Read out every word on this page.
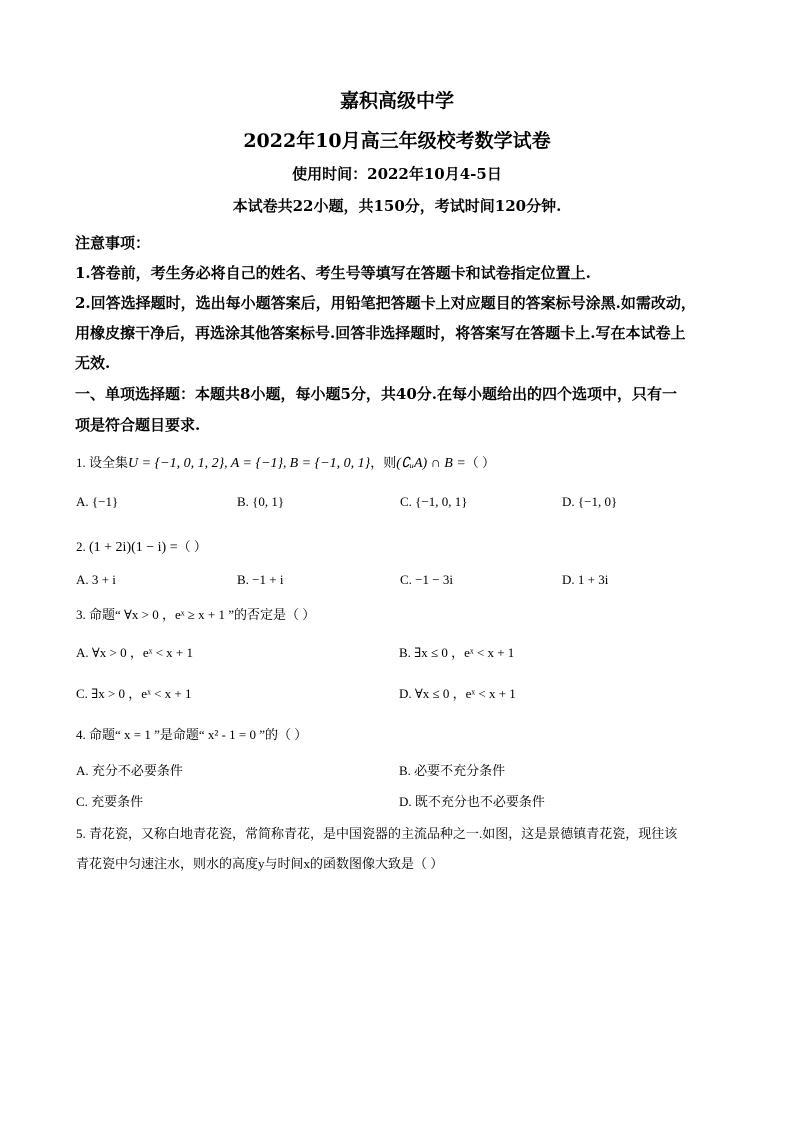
嘉积高级中学
2022年10月高三年级校考数学试卷
使用时间：2022年10月4-5日
本试卷共22小题，共150分，考试时间120分钟.
注意事项：
1.答卷前，考生务必将自己的姓名、考生号等填写在答题卡和试卷指定位置上.
2.回答选择题时，选出每小题答案后，用铅笔把答题卡上对应题目的答案标号涂黑.如需改动，
用橡皮擦干净后，再选涂其他答案标号.回答非选择题时，将答案写在答题卡上.写在本试卷上
无效.
一、单项选择题：本题共8小题，每小题5分，共40分.在每小题给出的四个选项中，只有一
项是符合题目要求.
1. 设全集U = {−1, 0, 1, 2}, A = {−1}, B = {−1, 0, 1}，则(∁ᵤA) ∩ B =（ ）
A. {−1}	B. {0, 1}	C. {−1, 0, 1}	D. {−1, 0}
2. (1 + 2i)(1 − i) =（ ）
A. 3 + i	B. −1 + i	C. −1 − 3i	D. 1 + 3i
3. 命题“ ∀x > 0 ，eˣ ≥ x + 1 ”的否定是（ ）
A. ∀x > 0 ，eˣ < x + 1	B. ∃x ≤ 0 ，eˣ < x + 1
C. ∃x > 0 ，eˣ < x + 1	D. ∀x ≤ 0 ，eˣ < x + 1
4. 命题“ x = 1 ”是命题“ x² - 1 = 0 ”的（ ）
A. 充分不必要条件	B. 必要不充分条件
C. 充要条件	D. 既不充分也不必要条件
5. 青花瓷，又称白地青花瓷，常简称青花，是中国瓷器的主流品种之一.如图，这是景德镇青花瓷，现往该
青花瓷中匀速注水，则水的高度y与时间x的函数图像大致是（ ）
